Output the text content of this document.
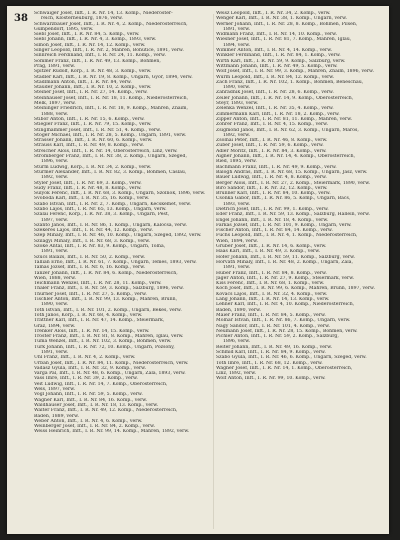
38 Schwaiger Josef, Inft., I. R. Nr. 14, 13. Komp., Niederöster-
reich, Klosterneuburg, 1876, verw.
Schwarzbauer Josef, Inft., I. R. Nr. 4, 2. Komp., Niederösterreich,
Gumpendorf, 1895, verw.
Siebl Josef, Inft., I. R. Nr. 84, 5. Komp., verw.
Siebl Johann, Inft., I. R. Nr. 4, 3. Komp., 1893, verw.
Simon Josef, Inft., I. R. Nr. 14, 12. Komp., verw.
Singer Leopold, Inft., I. R. Nr. 2, Mähren, Bohutice, 1891, verw.
Sinnreich Ferdinand, Inft., I. R. Nr. 24, 11. Komp., verw.
Sommer Franz, Inft., I. R. Nr. 49, 13. Komp., Böhmen,
Prag, 1891, verw.
Spitzer Rudolf, Korp., I. R. Nr. 48, 3. Komp., verw.
Stadler Karl, Inft., I. R. Nr. 19, 8. Komp., Ungarn, Győr, 1894, verw.
Stadlmann Anton, Inft., I. R. Nr. 84, verw.
Stauder Johann, Inft., I. R. Nr. 10, 2. Komp., verw.
Steiner Josef, Inft., I. R. Nr. 27, 14. Komp., verw.
Steinhauser Josef, Inft., I. R. Nr. 18, 11. Komp., Niederösterreich,
Melk, 1897, verw.
Steininger Friedrich, Inft., I. R. Nr. 18, 9. Komp., Mähren, Znaim,
1888, verw.
Stibor Anton, Inft., I. R. Nr. 15, 6. Komp., verw.
Stiegler Franz, Inft., I. R. Nr. 79, 15. Komp., verw.
Stinglhammer Josef, Inft., I. R. Nr. 51, 4. Komp., verw.
Stöger Michael, Inft., I. R. Nr. 28, 5. Komp., Ungarn, 1891, verw.
Strasser Johann, Inft., I. R. Nr. 60, 6. Komp., verw.
Strauss Karl, Inft., I. R. Nr. 49, 8. Komp., verw.
Streicher Alois, Inft., I. R. Nr. 14, Oberösterreich, Linz, verw.
Stromberger Franz, Inft., I. R. Nr. 38, 2. Komp., Ungarn, Szeged,
1896, verw.
Sturm Ludwig, Korp., I. R. Nr. 34, 2. Komp., verw.
Stürmer Alexander, Inft., I. R. Nr. 82, 3. Komp., Böhmen, Časlau,
1892, verw.
Styler Josef, Inft., I. R. Nr. 69, 3. Komp., verw.
Sudy Franz, Inft., I. R. Nr. 48, 8. Komp., verw.
Sulyok Ferenc, Inft., I. R. Nr. 68, 3. Komp., Ungarn, Szolnok, 1896, verw.
Svoboda Karl, Inft., I. R. Nr. 35, 16. Komp., verw.
Szabó István, Inft., I. R. Nr. 2, 7. Komp., Ungarn, Kecskemét, verw.
Szabó Lajos, Inft., I. R. Nr. 65, 13. Komp., Ungarn, verw.
Szalai Ferenc, Korp., I. R. Nr. 38, 3. Komp., Ungarn, Pest,
1897, verw.
Szántó János, Inft., I. R. Nr. 86, 1. Komp., Ungarn, Kalocsa, verw.
Szekeres Lajos, Inft., I. R. Nr. 44, 12. Komp., verw.
Szép Mihály, Inft., I. R. Nr. 46, 10. Komp., Ungarn, Szeged, 1892, verw.
Szilágyi Mihály, Inft., I. R. Nr. 68, 3. Komp., verw.
Szőke Antal, Inft., I. R. Nr. 83, 9. Komp., Ungarn, Tolna,
1891, verw.
Szűcs Balázs, Inft., I. R. Nr. 50, 2. Komp., verw.
Tallián Ernő, Inft., I. R. Nr. 61, 7. Komp., Ungarn, Temes, 1893, verw.
Tamás József, Inft., I. R. Nr. 6, 16. Komp., verw.
Tanzer Johann, Inft., I. R. Nr. 84, 6. Komp., Niederösterreich,
Wien, 1888, verw.
Teichmann Wenzel, Inft., I. R. Nr. 28, 11. Komp., verw.
Thaler Franz, Inft., I. R. Nr. 59, 3. Komp., Salzburg, 1896, verw.
Thurner Josef, Inft., I. R. Nr. 27, 5. Komp., verw.
Tischler Anton, Inft., I. R. Nr. 99, 13. Komp., Mähren, Brünn,
1890, verw.
Tóth István, Inft., I. R. Nr. 101, 2. Komp., Ungarn, Békés, verw.
Tóth János, Korp., I. R. Nr. 68, 4. Komp., verw.
Trattner Karl, Inft., I. R. Nr. 47, 14. Komp., Steiermark,
Graz, 1894, verw.
Trenker Alois, Inft., I. R. Nr. 14, 15. Komp., verw.
Tröster Franz, Inft., I. R. Nr. 81, 8. Komp., Mähren, Iglau, verw.
Tuma Wenzel, Inft., I. R. Nr. 102, 3. Komp., Böhmen, verw.
Türk Johann, Inft., I. R. Nr. 72, 10. Komp., Ungarn, Pozsony,
1891, verw.
Uhl Franz, Inft., I. R. Nr. 4, 2. Komp., verw.
Urban Josef, Inft., I. R. Nr. 84, 11. Komp., Niederösterreich, verw.
Vadász Gyula, Inft., I. R. Nr. 32, 9. Komp., verw.
Varga Pál, Inft., I. R. Nr. 48, 6. Komp., Ungarn, Zala, 1893, verw.
Vass Imre, Inft., I. R. Nr. 39, 2. Komp., verw.
Veit Ludwig, Inft., I. R. Nr. 14, 7. Komp., Oberösterreich,
Wels, 1897, verw.
Vogl Johann, Inft., I. R. Nr. 59, 5. Komp., verw.
Wagner Karl, Inft., I. R. Nr. 84, 16. Komp., verw.
Waldhauser Josef, Inft., I. R. Nr. 18, 13. Komp., verw.
Walter Franz, Inft., I. R. Nr. 49, 12. Komp., Niederösterreich,
Baden, 1889, verw.
Weber Anton, Inft., I. R. Nr. 4, 6. Komp., verw.
Weinberger Josef, Inft., I. R. Nr. 84, 2. Komp., verw.
Weiss Heinrich, Inft., I. R. Nr. 99, 14. Komp., Mähren, 1892, verw.
Weisz Leopold, Inft., I. R. Nr. 34, 2. Komp., verw.
Wenger Karl, Inft., I. R. Nr. 38, 1. Komp., Ungarn, verw.
Werner Johann, Inft., I. R. Nr. 28, 8. Komp., Böhmen, Pilsen,
1891, verw.
Widmann Franz, Inft., I. R. Nr. 14, 10. Komp., verw.
Wiesner Josef, Inft., I. R. Nr. 81, 7. Komp., Mähren, Iglau,
1894, verw.
Wimmer Anton, Inft., I. R. Nr. 4, 14. Komp., verw.
Winkler Ferdinand, Inft., I. R. Nr. 84, 1. Komp., verw.
Wirth Karl, Inft., I. R. Nr. 59, 9. Komp., Salzburg, verw.
Wittmann Johann, Inft., I. R. Nr. 49, 5. Komp., verw.
Wolf Josef, Inft., I. R. Nr. 99, 3. Komp., Mähren, Znaim, 1896, verw.
Wurm Leopold, Inft., I. R. Nr. 84, 12. Komp., verw.
Zach Franz, Inft., I. R. Nr. 102, 1. Komp., Böhmen, Beneschau,
1890, verw.
Zahradník Josef, Inft., I. R. Nr. 28, 6. Komp., verw.
Zeiler Johann, Inft., I. R. Nr. 14, 9. Komp., Oberösterreich,
Steyr, 1893, verw.
Zelenka Wenzel, Inft., I. R. Nr. 35, 4. Komp., verw.
Zimmermann Karl, Inft., I. R. Nr. 18, 2. Komp., verw.
Zipper Anton, Inft., I. R. Nr. 81, 11. Komp., Mähren, verw.
Zöhrer Franz, Inft., I. R. Nr. 4, 15. Komp., verw.
Zsigmond János, Inft., I. R. Nr. 62, 3. Komp., Ungarn, Maros,
1892, verw.
Zsolnai Péter, Inft., I. R. Nr. 46, 8. Komp., verw.
Zuber Josef, Inft., I. R. Nr. 59, 6. Komp., verw.
Adler Moritz, Inft., I. R. Nr. 84, 3. Komp., verw.
Aigner Johann, Inft., I. R. Nr. 14, 4. Komp., Oberösterreich,
Ried, 1895, verw.
Bachmann Franz, Inft., I. R. Nr. 49, 9. Komp., verw.
Balogh András, Inft., I. R. Nr. 68, 15. Komp., Ungarn, Jász, verw.
Bauer Ludwig, Inft., I. R. Nr. 4, 8. Komp., verw.
Berger Alois, Inft., I. R. Nr. 27, 2. Komp., Steiermark, 1890, verw.
Biró Sándor, Inft., I. R. Nr. 32, 12. Komp., verw.
Brunner Karl, Inft., I. R. Nr. 84, 10. Komp., verw.
Csonka Gábor, Inft., I. R. Nr. 86, 5. Komp., Ungarn, Bács,
1893, verw.
Dietrich Josef, Inft., I. R. Nr. 99, 1. Komp., verw.
Eder Franz, Inft., I. R. Nr. 59, 13. Komp., Salzburg, Hallein, verw.
Engel Johann, Inft., I. R. Nr. 18, 4. Komp., verw.
Farkas József, Inft., I. R. Nr. 101, 9. Komp., Ungarn, verw.
Fischer Anton, Inft., I. R. Nr. 84, 14. Komp., verw.
Fuchs Leopold, Inft., I. R. Nr. 4, 1. Komp., Niederösterreich,
Wien, 1894, verw.
Gruber Josef, Inft., I. R. Nr. 14, 6. Komp., verw.
Haas Karl, Inft., I. R. Nr. 49, 3. Komp., verw.
Hofer Johann, Inft., I. R. Nr. 59, 11. Komp., Salzburg, verw.
Horváth Mihály, Inft., I. R. Nr. 48, 2. Komp., Ungarn, Zala,
1891, verw.
Huber Franz, Inft., I. R. Nr. 84, 8. Komp., verw.
Jäger Anton, Inft., I. R. Nr. 27, 9. Komp., Steiermark, verw.
Kiss Ferenc, Inft., I. R. Nr. 68, 1. Komp., verw.
Koch Josef, Inft., I. R. Nr. 99, 6. Komp., Mähren, Brünn, 1897, verw.
Kovács Lajos, Inft., I. R. Nr. 32, 4. Komp., verw.
Lang Johann, Inft., I. R. Nr. 14, 13. Komp., verw.
Lehner Karl, Inft., I. R. Nr. 4, 10. Komp., Niederösterreich,
Baden, 1890, verw.
Maier Franz, Inft., I. R. Nr. 84, 5. Komp., verw.
Molnár István, Inft., I. R. Nr. 86, 7. Komp., Ungarn, verw.
Nagy Sándor, Inft., I. R. Nr. 101, 4. Komp., verw.
Neumann Josef, Inft., I. R. Nr. 28, 15. Komp., Böhmen, verw.
Pichler Anton, Inft., I. R. Nr. 59, 2. Komp., Salzburg,
1896, verw.
Reiter Johann, Inft., I. R. Nr. 49, 16. Komp., verw.
Schmid Karl, Inft., I. R. Nr. 84, 9. Komp., verw.
Szabó Gyula, Inft., I. R. Nr. 46, 6. Komp., Ungarn, Szeged, verw.
Toth Imre, Inft., I. R. Nr. 68, 12. Komp., verw.
Wagner Josef, Inft., I. R. Nr. 14, 1. Komp., Oberösterreich,
Linz, 1892, verw.
Wolf Anton, Inft., I. R. Nr. 99, 10. Komp., verw.
